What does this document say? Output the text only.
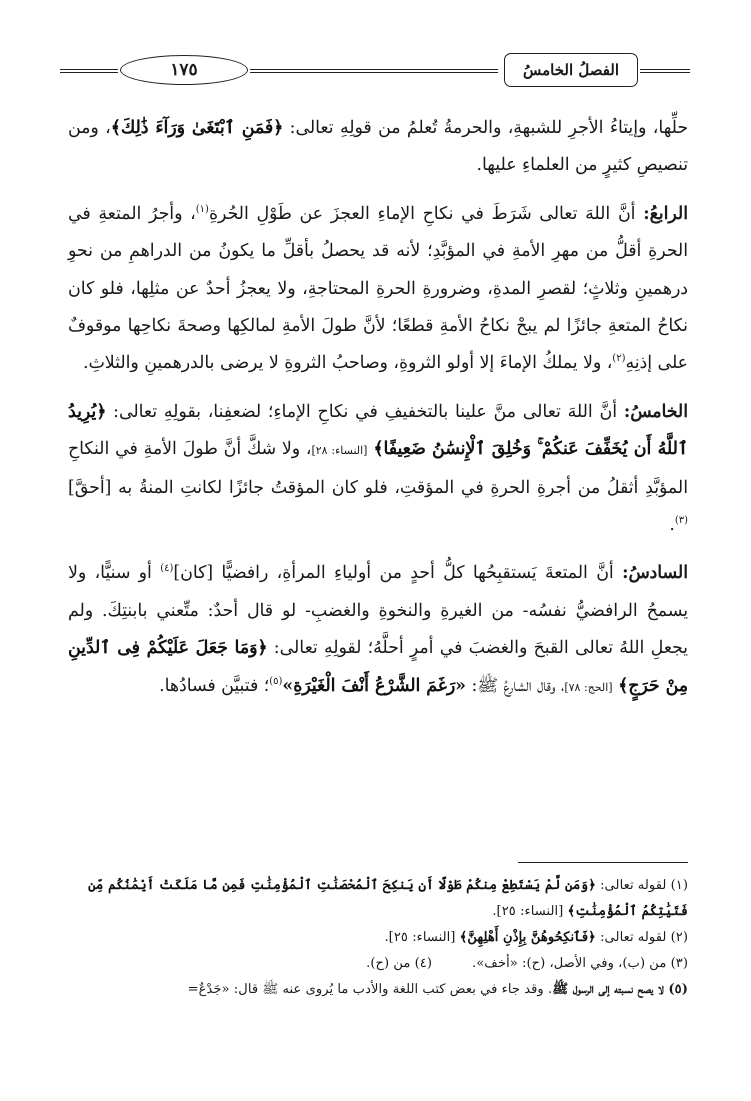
الفصلُ الخامسُ
١٧٥

حلِّها، وإيتاءُ الأجرِ للشبهةِ، والحرمةُ تُعلمُ من قولِهِ تعالى: ﴿فَمَنِ ٱبْتَغَىٰ وَرَآءَ ذَٰلِكَ﴾، ومن تنصيصِ كثيرٍ من العلماءِ عليها.

الرابعُ: أنَّ اللهَ تعالى شَرَطَ في نكاحِ الإماءِ العجزَ عن طَوْلِ الحُرةِ$^{(١)}$، وأجرُ المتعةِ في الحرةِ أقلُّ من مهرِ الأمةِ في المؤبَّدِ؛ لأنه قد يحصلُ بأقلِّ ما يكونُ من الدراهمِ من نحوِ درهمينِ وثلاثٍ؛ لقصرِ المدةِ، وضرورةِ الحرةِ المحتاجةِ، ولا يعجزُ أحدٌ عن مثلِها، فلو كان نكاحُ المتعةِ جائزًا لم يبحْ نكاحُ الأمةِ قطعًا؛ لأنَّ طولَ الأمةِ لمالكِها وصحةَ نكاحِها موقوفٌ على إذنِهِ$^{(٢)}$، ولا يملكُ الإماءَ إلا أولو الثروةِ، وصاحبُ الثروةِ لا يرضى بالدرهمينِ والثلاثِ.

الخامسُ: أنَّ اللهَ تعالى منَّ علينا بالتخفيفِ في نكاحِ الإماءِ؛ لضعفِنا، بقولِهِ تعالى: ﴿يُرِيدُ ٱللَّهُ أَن يُخَفِّفَ عَنكُمْ ۚ وَخُلِقَ ٱلْإِنسَٰنُ ضَعِيفًا﴾ [النساء: ٢٨]، ولا شكَّ أنَّ طولَ الأمةِ في النكاحِ المؤبَّدِ أثقلُ من أجرةِ الحرةِ في المؤقتِ، فلو كان المؤقتُ جائزًا لكانتِ المنةُ به [أحقَّ]$^{(٣)}$.

السادسُ: أنَّ المتعةَ يَستقبِحُها كلُّ أحدٍ من أولياءِ المرأةِ، رافضيًّا [كان]$^{(٤)}$ أو سنيًّا، ولا يسمحُ الرافضيُّ نفسُه- من الغيرةِ والنخوةِ والغضبِ- لو قال أحدٌ: متِّعني بابنتِكَ. ولم يجعلِ اللهُ تعالى القبحَ والغضبَ في أمرٍ أحلَّهُ؛ لقولِهِ تعالى: ﴿وَمَا جَعَلَ عَلَيْكُمْ فِى ٱلدِّينِ مِنْ حَرَجٍ﴾ [الحج: ٧٨]، وقال الشارعُ ﷺ: «رَغَمَ الشَّرْعُ أَنْفَ الْغَيْرَةِ»$^{(٥)}$؛ فتبيَّن فسادُها.

(١) لقوله تعالى: ﴿وَمَن لَّمْ يَسْتَطِعْ مِنكُمْ طَوْلًا أَن يَنكِحَ ٱلْمُحْصَنَٰتِ ٱلْمُؤْمِنَٰتِ فَمِن مَّا مَلَكَتْ أَيْمَٰنُكُم مِّن فَتَيَٰتِكُمُ ٱلْمُؤْمِنَٰتِ﴾ [النساء: ٢٥].

(٢) لقوله تعالى: ﴿فَٱنكِحُوهُنَّ بِإِذْنِ أَهْلِهِنَّ﴾ [النساء: ٢٥].

(٣) من (ب)، وفي الأصل، (ح): «أخف».
(٤) من (ح).

(٥) لا يصح نسبته إلى الرسول ﷺ. وقد جاء في بعض كتب اللغة والأدب ما يُروى عنه ﷺ قال: «جَدْعٌ=
